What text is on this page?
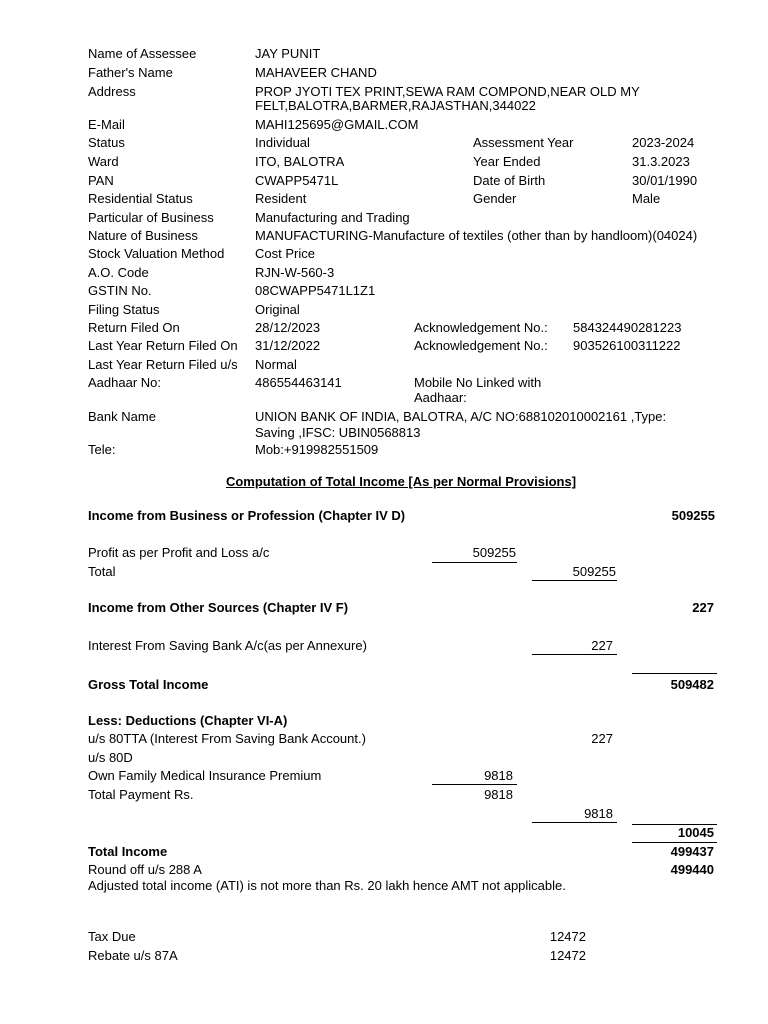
Name of Assessee	JAY PUNIT
Father's Name	MAHAVEER CHAND
Address	PROP JYOTI TEX PRINT,SEWA RAM COMPOND,NEAR OLD MY
FELT,BALOTRA,BARMER,RAJASTHAN,344022
E-Mail	MAHI125695@GMAIL.COM
Status	Individual	Assessment Year	2023-2024
Ward	ITO, BALOTRA	Year Ended	31.3.2023
PAN	CWAPP5471L	Date of Birth	30/01/1990
Residential Status	Resident	Gender	Male
Particular of Business	Manufacturing and Trading
Nature of Business	MANUFACTURING-Manufacture of textiles (other than by handloom)(04024)
Stock Valuation Method Cost Price
A.O. Code	RJN-W-560-3
GSTIN No.	08CWAPP5471L1Z1
Filing Status	Original
Return Filed On	28/12/2023	Acknowledgement No.: 584324490281223
Last Year Return Filed On 31/12/2022	Acknowledgement No.: 903526100311222
Last Year Return Filed u/s Normal
Aadhaar No:	486554463141	Mobile No Linked with
Aadhaar:
Bank Name	UNION BANK OF INDIA, BALOTRA, A/C NO:688102010002161 ,Type:
Saving ,IFSC: UBIN0568813
Tele:	Mob:+919982551509
Computation of Total Income [As per Normal Provisions]
Income from Business or Profession (Chapter IV D)	509255
Profit as per Profit and Loss a/c	509255
Total	509255
Income from Other Sources (Chapter IV F)	227
Interest From Saving Bank A/c(as per Annexure)	227
Gross Total Income	509482
Less: Deductions (Chapter VI-A)
u/s 80TTA (Interest From Saving Bank Account.)	227
u/s 80D
Own Family Medical Insurance Premium	9818
Total Payment Rs.	9818
9818
10045
Total Income	499437
Round off u/s 288 A	499440
Adjusted total income (ATI) is not more than Rs. 20 lakh hence AMT not applicable.
Tax Due	12472
Rebate u/s 87A	12472
